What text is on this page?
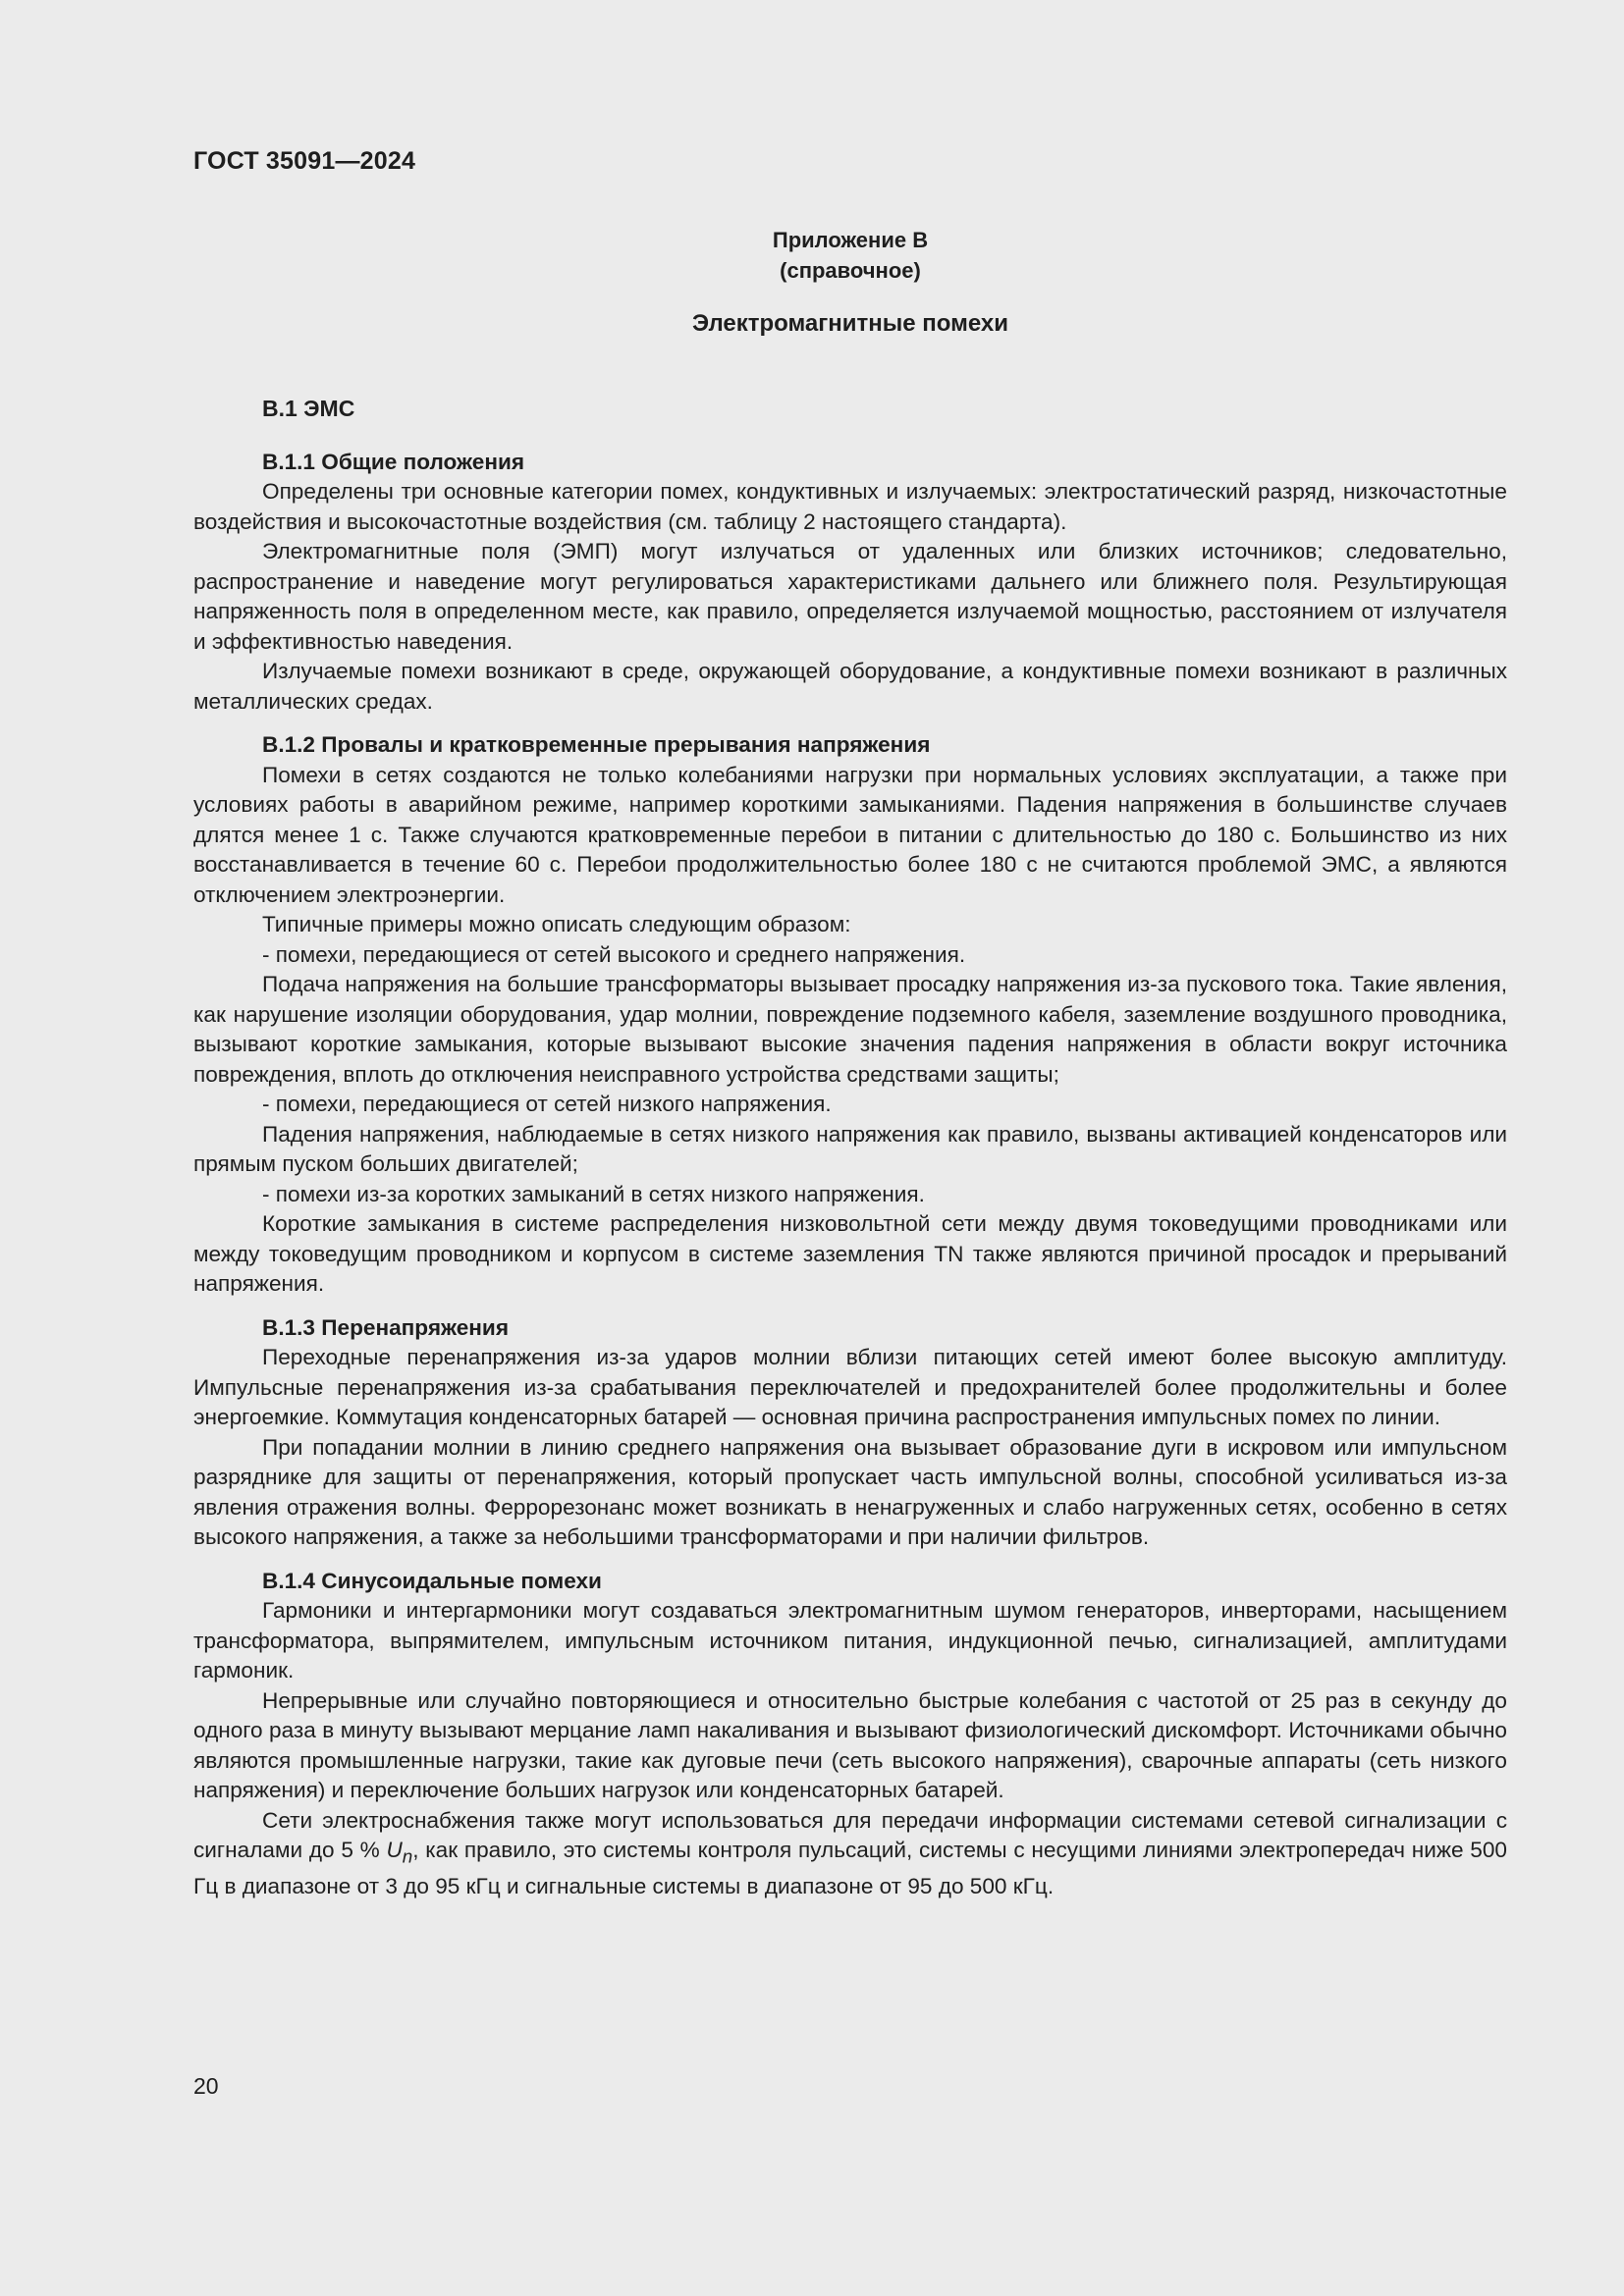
ГОСТ 35091—2024
Приложение В
(справочное)
Электромагнитные помехи
В.1 ЭМС
В.1.1 Общие положения

Определены три основные категории помех, кондуктивных и излучаемых: электростатический разряд, низкочастотные воздействия и высокочастотные воздействия (см. таблицу 2 настоящего стандарта).

Электромагнитные поля (ЭМП) могут излучаться от удаленных или близких источников; следовательно, распространение и наведение могут регулироваться характеристиками дальнего или ближнего поля. Результирующая напряженность поля в определенном месте, как правило, определяется излучаемой мощностью, расстоянием от излучателя и эффективностью наведения.

Излучаемые помехи возникают в среде, окружающей оборудование, а кондуктивные помехи возникают в различных металлических средах.

В.1.2 Провалы и кратковременные прерывания напряжения

Помехи в сетях создаются не только колебаниями нагрузки при нормальных условиях эксплуатации, а также при условиях работы в аварийном режиме, например короткими замыканиями. Падения напряжения в большинстве случаев длятся менее 1 с. Также случаются кратковременные перебои в питании с длительностью до 180 с. Большинство из них восстанавливается в течение 60 с. Перебои продолжительностью более 180 с не считаются проблемой ЭМС, а являются отключением электроэнергии.

Типичные примеры можно описать следующим образом:

- помехи, передающиеся от сетей высокого и среднего напряжения.

Подача напряжения на большие трансформаторы вызывает просадку напряжения из-за пускового тока. Такие явления, как нарушение изоляции оборудования, удар молнии, повреждение подземного кабеля, заземление воздушного проводника, вызывают короткие замыкания, которые вызывают высокие значения падения напряжения в области вокруг источника повреждения, вплоть до отключения неисправного устройства средствами защиты;

- помехи, передающиеся от сетей низкого напряжения.

Падения напряжения, наблюдаемые в сетях низкого напряжения как правило, вызваны активацией конденсаторов или прямым пуском больших двигателей;

- помехи из-за коротких замыканий в сетях низкого напряжения.

Короткие замыкания в системе распределения низковольтной сети между двумя токоведущими проводниками или между токоведущим проводником и корпусом в системе заземления TN также являются причиной просадок и прерываний напряжения.

В.1.3 Перенапряжения

Переходные перенапряжения из-за ударов молнии вблизи питающих сетей имеют более высокую амплитуду. Импульсные перенапряжения из-за срабатывания переключателей и предохранителей более продолжительны и более энергоемкие. Коммутация конденсаторных батарей — основная причина распространения импульсных помех по линии.

При попадании молнии в линию среднего напряжения она вызывает образование дуги в искровом или импульсном разряднике для защиты от перенапряжения, который пропускает часть импульсной волны, способной усиливаться из-за явления отражения волны. Феррорезонанс может возникать в ненагруженных и слабо нагруженных сетях, особенно в сетях высокого напряжения, а также за небольшими трансформаторами и при наличии фильтров.

В.1.4 Синусоидальные помехи

Гармоники и интергармоники могут создаваться электромагнитным шумом генераторов, инверторами, насыщением трансформатора, выпрямителем, импульсным источником питания, индукционной печью, сигнализацией, амплитудами гармоник.

Непрерывные или случайно повторяющиеся и относительно быстрые колебания с частотой от 25 раз в секунду до одного раза в минуту вызывают мерцание ламп накаливания и вызывают физиологический дискомфорт. Источниками обычно являются промышленные нагрузки, такие как дуговые печи (сеть высокого напряжения), сварочные аппараты (сеть низкого напряжения) и переключение больших нагрузок или конденсаторных батарей.

Сети электроснабжения также могут использоваться для передачи информации системами сетевой сигнализации с сигналами до 5 % $U_n$, как правило, это системы контроля пульсаций, системы с несущими линиями электропередач ниже 500 Гц в диапазоне от 3 до 95 кГц и сигнальные системы в диапазоне от 95 до 500 кГц.

20
